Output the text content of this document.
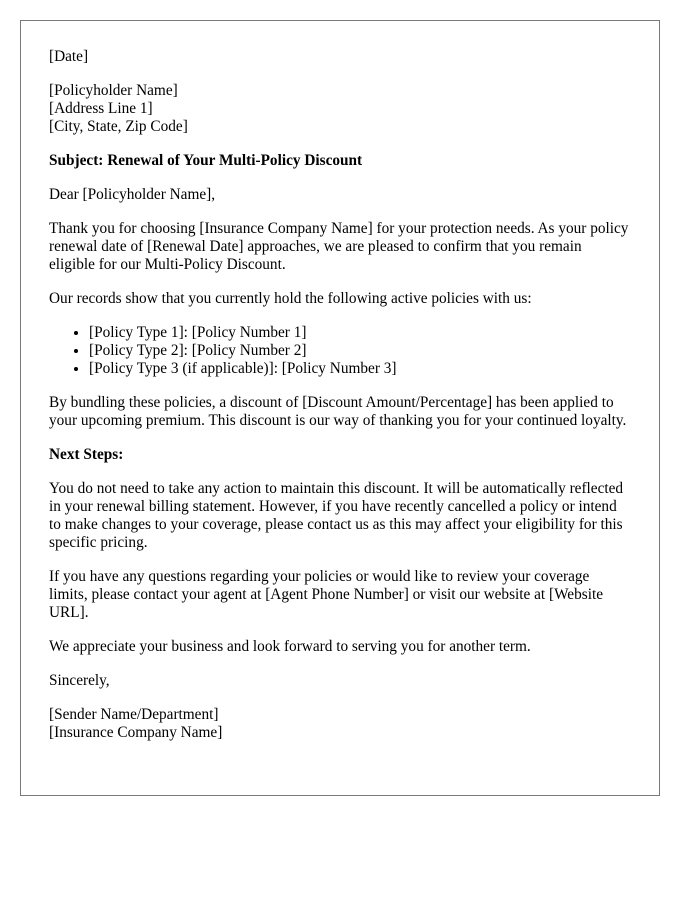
[Date]

[Policyholder Name]
[Address Line 1]
[City, State, Zip Code]

Subject: Renewal of Your Multi-Policy Discount

Dear [Policyholder Name],

Thank you for choosing [Insurance Company Name] for your protection needs. As your policy renewal date of [Renewal Date] approaches, we are pleased to confirm that you remain eligible for our Multi-Policy Discount.

Our records show that you currently hold the following active policies with us:

• [Policy Type 1]: [Policy Number 1]
• [Policy Type 2]: [Policy Number 2]
• [Policy Type 3 (if applicable)]: [Policy Number 3]

By bundling these policies, a discount of [Discount Amount/Percentage] has been applied to your upcoming premium. This discount is our way of thanking you for your continued loyalty.

Next Steps:

You do not need to take any action to maintain this discount. It will be automatically reflected in your renewal billing statement. However, if you have recently cancelled a policy or intend to make changes to your coverage, please contact us as this may affect your eligibility for this specific pricing.

If you have any questions regarding your policies or would like to review your coverage limits, please contact your agent at [Agent Phone Number] or visit our website at [Website URL].

We appreciate your business and look forward to serving you for another term.

Sincerely,

[Sender Name/Department]
[Insurance Company Name]
